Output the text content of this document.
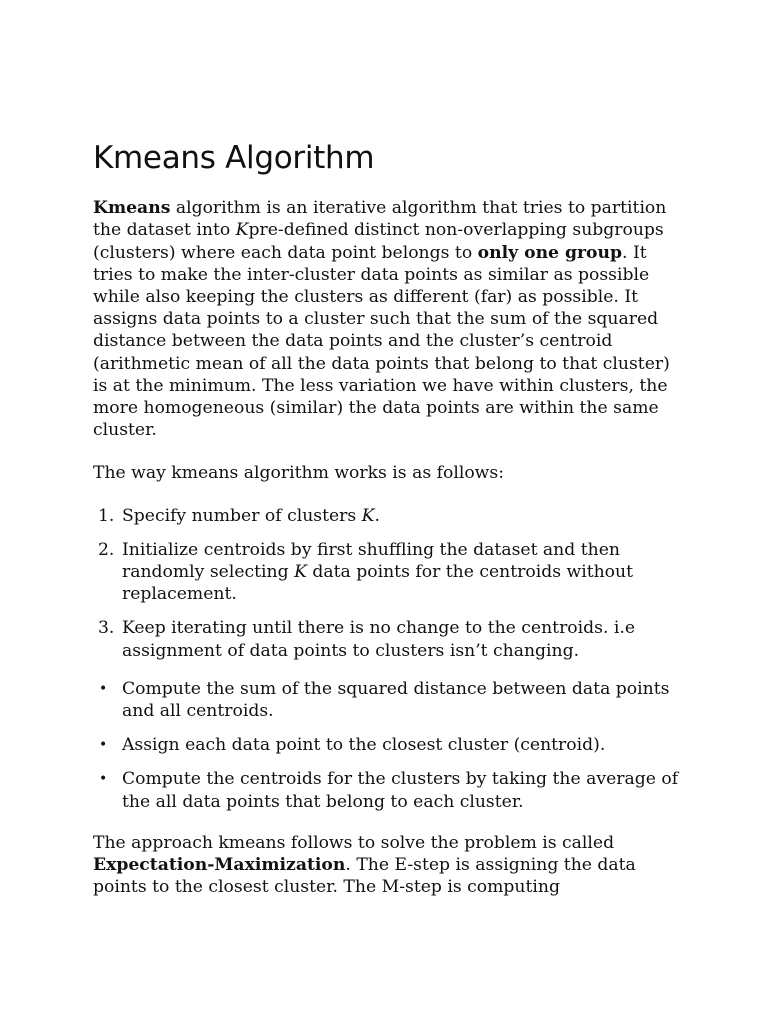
Kmeans Algorithm

Kmeans algorithm is an iterative algorithm that tries to partition the dataset into Kpre-defined distinct non-overlapping subgroups (clusters) where each data point belongs to only one group. It tries to make the inter-cluster data points as similar as possible while also keeping the clusters as different (far) as possible. It assigns data points to a cluster such that the sum of the squared distance between the data points and the cluster’s centroid (arithmetic mean of all the data points that belong to that cluster) is at the minimum. The less variation we have within clusters, the more homogeneous (similar) the data points are within the same cluster.

The way kmeans algorithm works is as follows:

1. Specify number of clusters K.
2. Initialize centroids by first shuffling the dataset and then randomly selecting K data points for the centroids without replacement.
3. Keep iterating until there is no change to the centroids. i.e assignment of data points to clusters isn’t changing.
• Compute the sum of the squared distance between data points and all centroids.
• Assign each data point to the closest cluster (centroid).
• Compute the centroids for the clusters by taking the average of the all data points that belong to each cluster.

The approach kmeans follows to solve the problem is called Expectation-Maximization. The E-step is assigning the data points to the closest cluster. The M-step is computing
